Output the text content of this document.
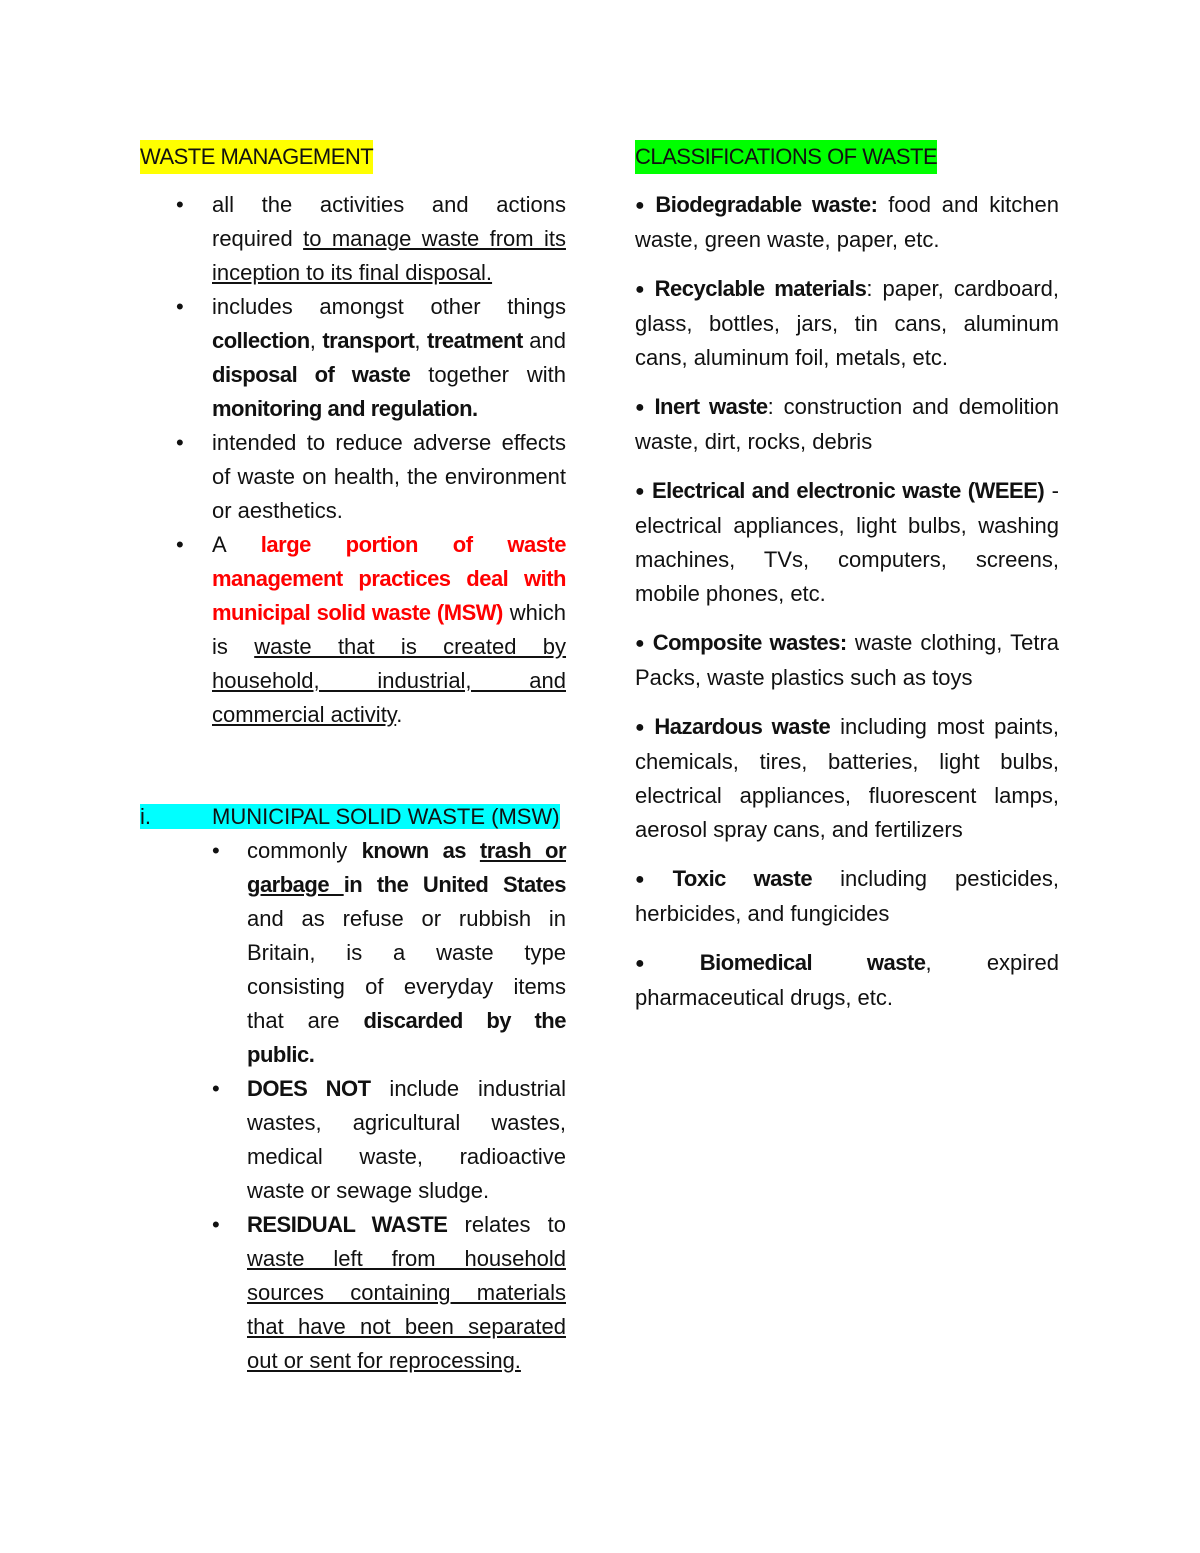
WASTE MANAGEMENT
• all the activities and actions required to manage waste from its inception to its final disposal.
• includes amongst other things collection, transport, treatment and disposal of waste together with monitoring and regulation.
• intended to reduce adverse effects of waste on health, the environment or aesthetics.
• A large portion of waste management practices deal with municipal solid waste (MSW) which is waste that is created by household, industrial, and commercial activity.
i.	MUNICIPAL SOLID WASTE (MSW)
• commonly known as trash or garbage in the United States and as refuse or rubbish in Britain, is a waste type consisting of everyday items that are discarded by the public.
• DOES NOT include industrial wastes, agricultural wastes, medical waste, radioactive waste or sewage sludge.
• RESIDUAL WASTE relates to waste left from household sources containing materials that have not been separated out or sent for reprocessing.
CLASSIFICATIONS OF WASTE

● Biodegradable waste: food and kitchen waste, green waste, paper, etc.

● Recyclable materials: paper, cardboard, glass, bottles, jars, tin cans, aluminum cans, aluminum foil, metals, etc.

● Inert waste: construction and demolition waste, dirt, rocks, debris

● Electrical and electronic waste (WEEE) - electrical appliances, light bulbs, washing machines, TVs, computers, screens, mobile phones, etc.

● Composite wastes: waste clothing, Tetra Packs, waste plastics such as toys

● Hazardous waste including most paints, chemicals, tires, batteries, light bulbs, electrical appliances, fluorescent lamps, aerosol spray cans, and fertilizers

● Toxic waste including pesticides, herbicides, and fungicides

● Biomedical waste, expired pharmaceutical drugs, etc.
